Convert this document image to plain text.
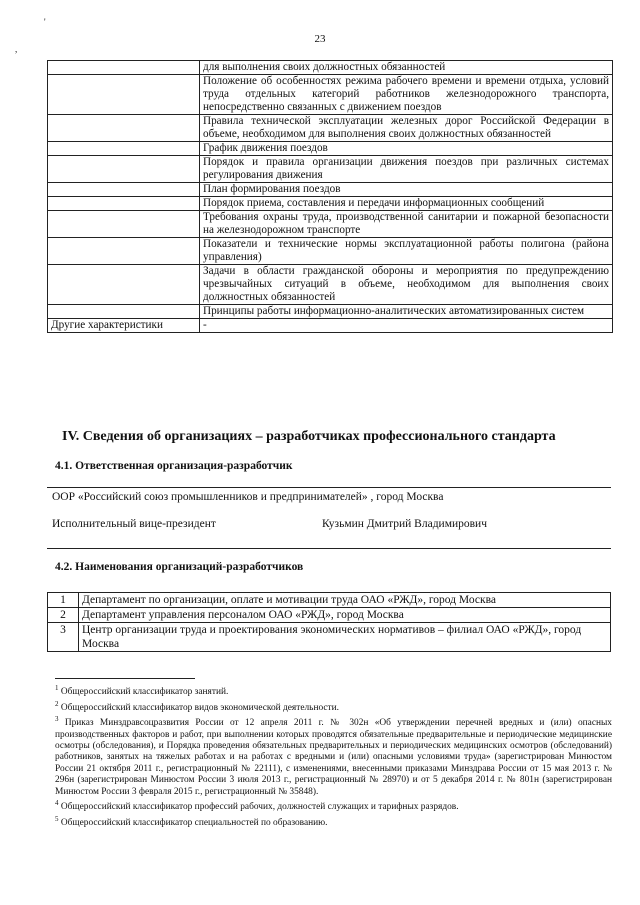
'
,
23
	для выполнения своих должностных обязанностей
	Положение об особенностях режима рабочего времени и времени отдыха, условий труда отдельных категорий работников железнодорожного транспорта, непосредственно связанных с движением поездов
	Правила технической эксплуатации железных дорог Российской Федерации в объеме, необходимом для выполнения своих должностных обязанностей
	График движения поездов
	Порядок и правила организации движения поездов при различных системах регулирования движения
	План формирования поездов
	Порядок приема, составления и передачи информационных сообщений
	Требования охраны труда, производственной санитарии и пожарной безопасности на железнодорожном транспорте
	Показатели и технические нормы эксплуатационной работы полигона (района управления)
	Задачи в области гражданской обороны и мероприятия по предупреждению чрезвычайных ситуаций в объеме, необходимом для выполнения своих должностных обязанностей
	Принципы работы информационно-аналитических автоматизированных систем
Другие характеристики	-
IV. Сведения об организациях – разработчиках профессионального стандарта
4.1. Ответственная организация-разработчик
ООР «Российский союз промышленников и предпринимателей» , город Москва
Исполнительный вице-президент	Кузьмин Дмитрий Владимирович
4.2. Наименования организаций-разработчиков
1	Департамент по организации, оплате и мотивации труда ОАО «РЖД», город Москва
2	Департамент управления персоналом ОАО «РЖД», город Москва
3	Центр организации труда и проектирования экономических нормативов – филиал ОАО «РЖД», город Москва

$^1$ Общероссийский классификатор занятий.

$^2$ Общероссийский классификатор видов экономической деятельности.

$^3$ Приказ Минздравсоцразвития России от 12 апреля 2011 г. № 302н «Об утверждении перечней вредных и (или) опасных производственных факторов и работ, при выполнении которых проводятся обязательные предварительные и периодические медицинские осмотры (обследования), и Порядка проведения обязательных предварительных и периодических медицинских осмотров (обследований) работников, занятых на тяжелых работах и на работах с вредными и (или) опасными условиями труда» (зарегистрирован Минюстом России 21 октября 2011 г., регистрационный № 22111), с изменениями, внесенными приказами Минздрава России от 15 мая 2013 г. № 296н (зарегистрирован Минюстом России 3 июля 2013 г., регистрационный № 28970) и от 5 декабря 2014 г. № 801н (зарегистрирован Минюстом России 3 февраля 2015 г., регистрационный № 35848).

$^4$ Общероссийский классификатор профессий рабочих, должностей служащих и тарифных разрядов.

$^5$ Общероссийский классификатор специальностей по образованию.
